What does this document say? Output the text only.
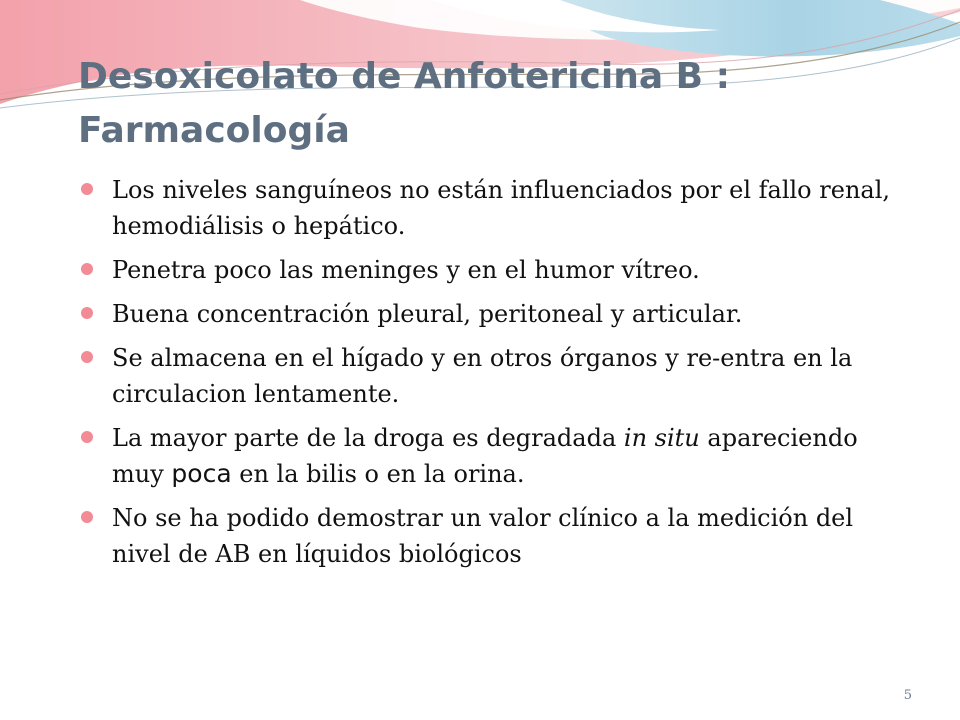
Desoxicolato de Anfotericina B :
Farmacología
Los niveles sanguíneos no están influenciados por el fallo renal, hemodiálisis o hepático.
Penetra poco las meninges y en el humor vítreo.
Buena concentración pleural, peritoneal y articular.
Se almacena en el hígado y en otros órganos y re-entra en la circulacion lentamente.
La mayor parte de la droga es degradada in situ apareciendo muy poca en la bilis o en la orina.
No se ha podido demostrar un valor clínico a la medición del nivel de AB en líquidos biológicos
5
